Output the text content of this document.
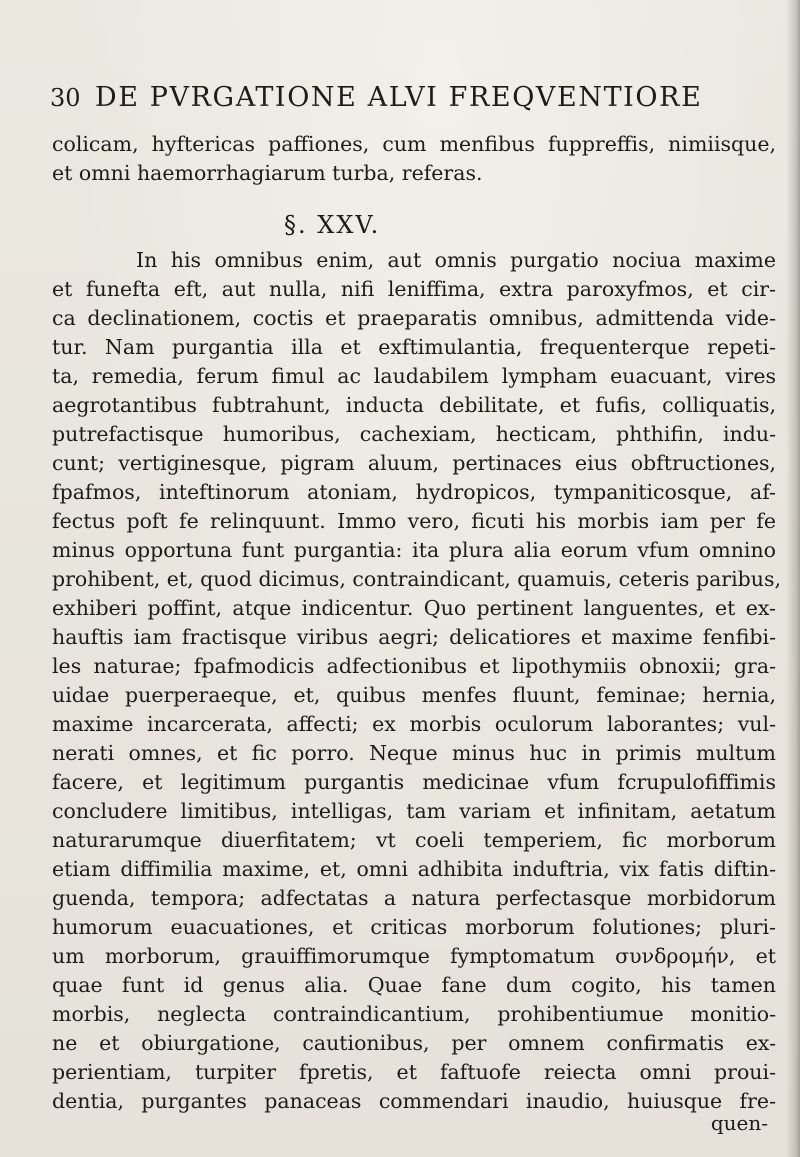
30 DE PVRGATIONE ALVI FREQVENTIORE
colicam, hyftericas paffiones, cum menfibus fuppreffis, nimiisque,
et omni haemorrhagiarum turba, referas.
§. XXV.
In his omnibus enim, aut omnis purgatio nociua maxime
et funefta eft, aut nulla, nifi leniffima, extra paroxyfmos, et cir-
ca declinationem, coctis et praeparatis omnibus, admittenda vide-
tur. Nam purgantia illa et exftimulantia, frequenterque repeti-
ta, remedia, ferum fimul ac laudabilem lympham euacuant, vires
aegrotantibus fubtrahunt, inducta debilitate, et fufis, colliquatis,
putrefactisque humoribus, cachexiam, hecticam, phthifin, indu-
cunt; vertiginesque, pigram aluum, pertinaces eius obftructiones,
fpafmos, inteftinorum atoniam, hydropicos, tympaniticosque, af-
fectus poft fe relinquunt. Immo vero, ficuti his morbis iam per fe
minus opportuna funt purgantia: ita plura alia eorum vfum omnino
prohibent, et, quod dicimus, contraindicant, quamuis, ceteris paribus,
exhiberi poffint, atque indicentur. Quo pertinent languentes, et ex-
hauftis iam fractisque viribus aegri; delicatiores et maxime fenfibi-
les naturae; fpafmodicis adfectionibus et lipothymiis obnoxii; gra-
uidae puerperaeque, et, quibus menfes fluunt, feminae; hernia,
maxime incarcerata, affecti; ex morbis oculorum laborantes; vul-
nerati omnes, et fic porro. Neque minus huc in primis multum
facere, et legitimum purgantis medicinae vfum fcrupulofiffimis
concludere limitibus, intelligas, tam variam et infinitam, aetatum
naturarumque diuerfitatem; vt coeli temperiem, fic morborum
etiam diffimilia maxime, et, omni adhibita induftria, vix fatis diftin-
guenda, tempora; adfectatas a natura perfectasque morbidorum
humorum euacuationes, et criticas morborum folutiones; pluri-
um morborum, grauiffimorumque fymptomatum συνδρομήν, et
quae funt id genus alia. Quae fane dum cogito, his tamen
morbis, neglecta contraindicantium, prohibentiumue monitio-
ne et obiurgatione, cautionibus, per omnem confirmatis ex-
perientiam, turpiter fpretis, et faftuofe reiecta omni proui-
dentia, purgantes panaceas commendari inaudio, huiusque fre-
quen-
